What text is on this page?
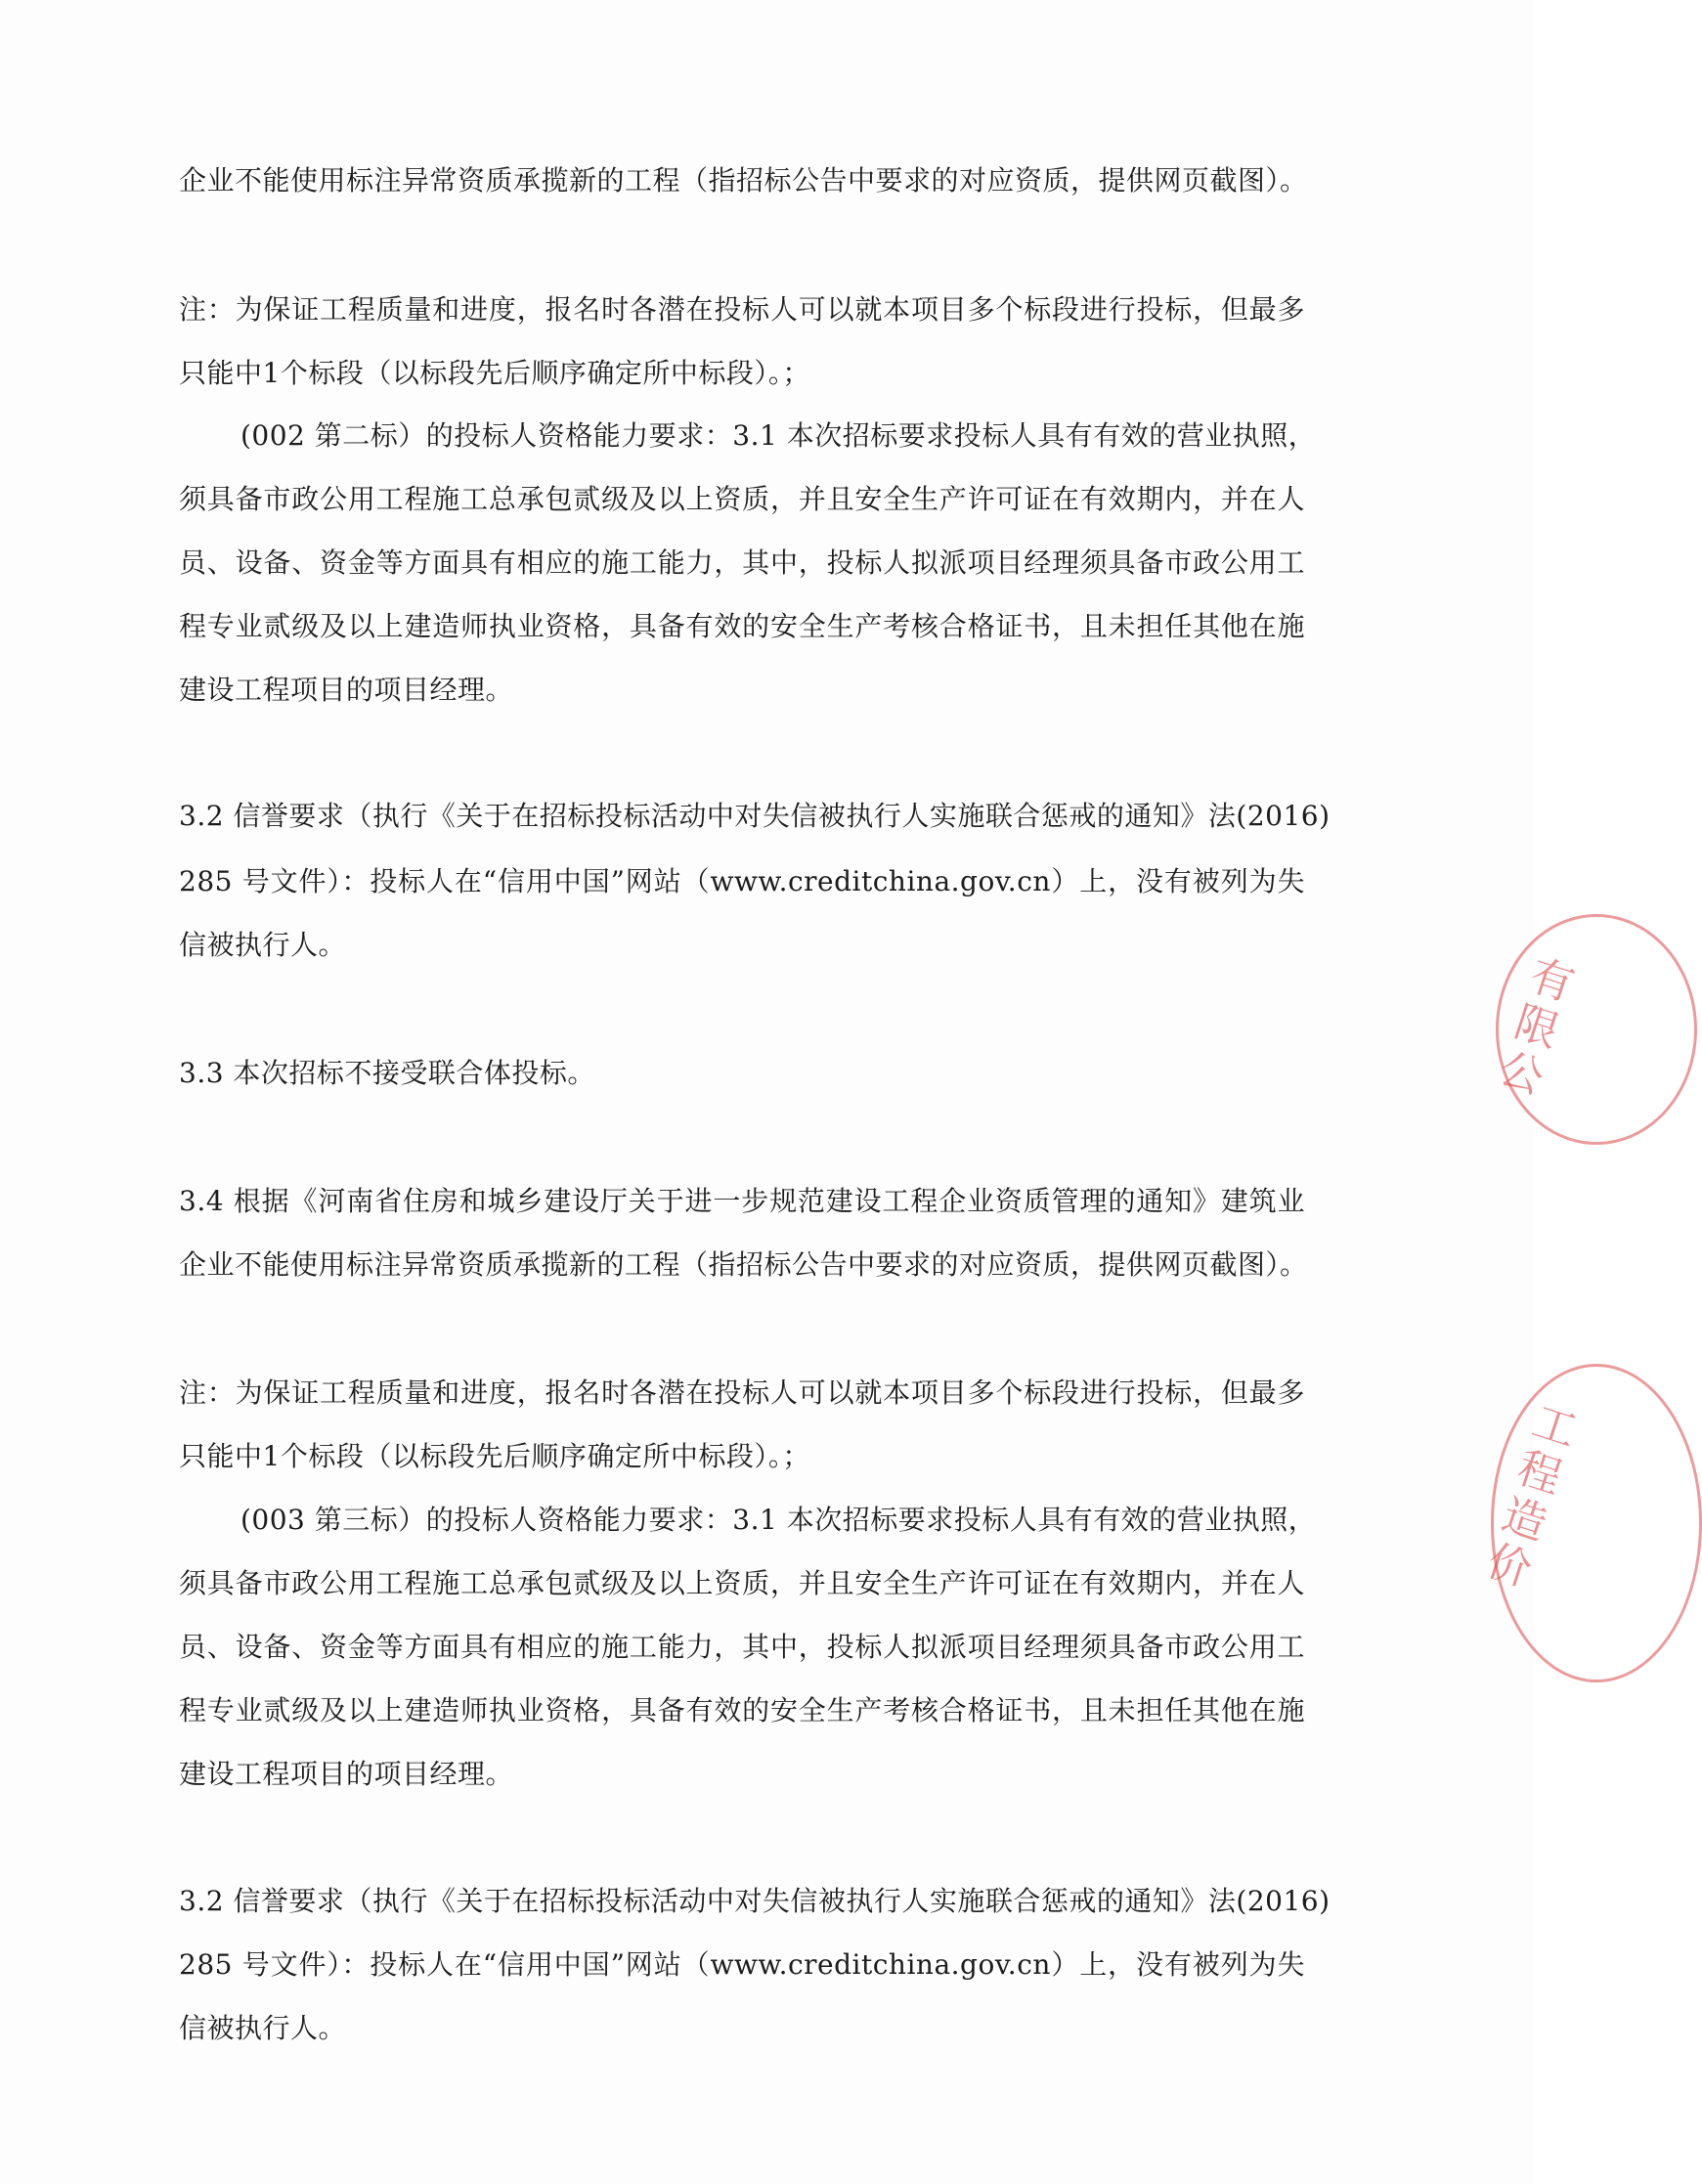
企业不能使用标注异常资质承揽新的工程（指招标公告中要求的对应资质，提供网页截图）。
注：为保证工程质量和进度，报名时各潜在投标人可以就本项目多个标段进行投标，但最多
只能中1个标段（以标段先后顺序确定所中标段）。；
(002 第二标）的投标人资格能力要求：3.1 本次招标要求投标人具有有效的营业执照，
须具备市政公用工程施工总承包贰级及以上资质，并且安全生产许可证在有效期内，并在人
员、设备、资金等方面具有相应的施工能力，其中，投标人拟派项目经理须具备市政公用工
程专业贰级及以上建造师执业资格，具备有效的安全生产考核合格证书，且未担任其他在施
建设工程项目的项目经理。
3.2 信誉要求（执行《关于在招标投标活动中对失信被执行人实施联合惩戒的通知》法(2016)
285 号文件）：投标人在“信用中国”网站（www.creditchina.gov.cn）上，没有被列为失
信被执行人。
3.3 本次招标不接受联合体投标。
3.4 根据《河南省住房和城乡建设厅关于进一步规范建设工程企业资质管理的通知》建筑业
企业不能使用标注异常资质承揽新的工程（指招标公告中要求的对应资质，提供网页截图）。
注：为保证工程质量和进度，报名时各潜在投标人可以就本项目多个标段进行投标，但最多
只能中1个标段（以标段先后顺序确定所中标段）。；
(003 第三标）的投标人资格能力要求：3.1 本次招标要求投标人具有有效的营业执照，
须具备市政公用工程施工总承包贰级及以上资质，并且安全生产许可证在有效期内，并在人
员、设备、资金等方面具有相应的施工能力，其中，投标人拟派项目经理须具备市政公用工
程专业贰级及以上建造师执业资格，具备有效的安全生产考核合格证书，且未担任其他在施
建设工程项目的项目经理。
3.2 信誉要求（执行《关于在招标投标活动中对失信被执行人实施联合惩戒的通知》法(2016)
285 号文件）：投标人在“信用中国”网站（www.creditchina.gov.cn）上，没有被列为失
信被执行人。
有限公
工程造价
